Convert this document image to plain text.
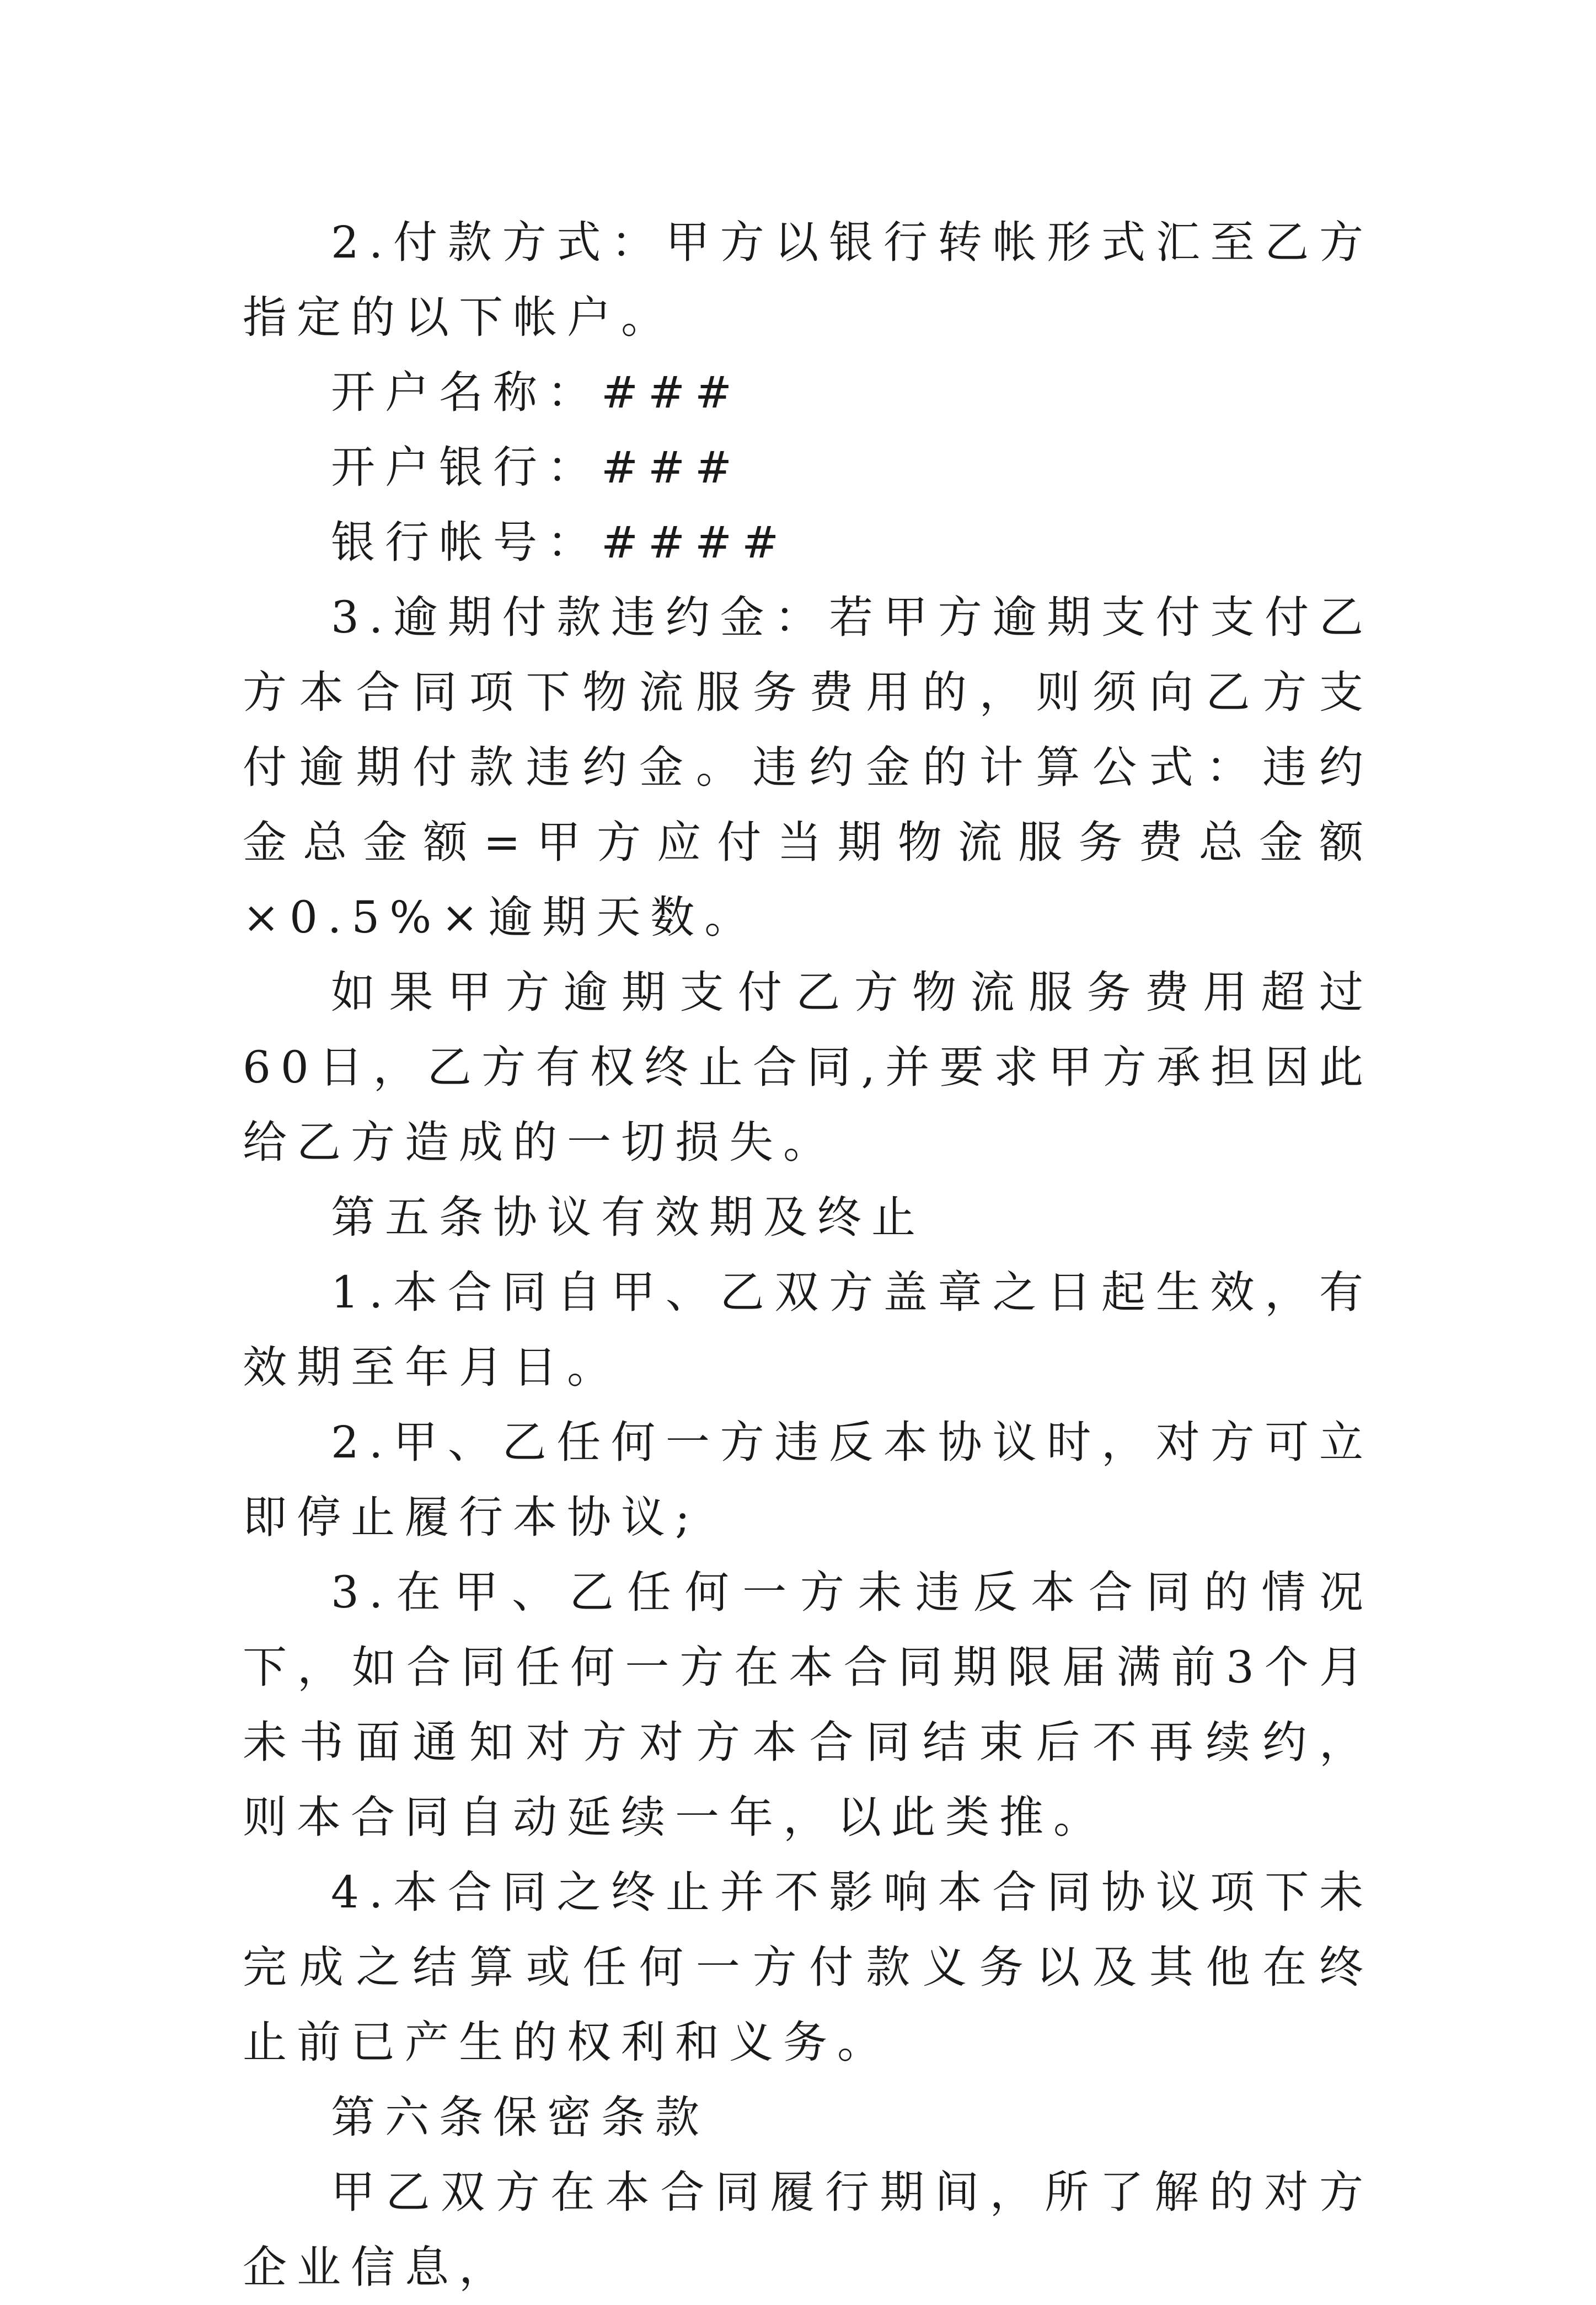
2.付款方式：甲方以银行转帐形式汇至乙方指定的以下帐户。

开户名称：###

开户银行：###

银行帐号：####

3.逾期付款违约金：若甲方逾期支付支付乙方本合同项下物流服务费用的，则须向乙方支付逾期付款违约金。违约金的计算公式：违约金总金额=甲方应付当期物流服务费总金额×0.5%×逾期天数。

如果甲方逾期支付乙方物流服务费用超过60日，乙方有权终止合同,并要求甲方承担因此给乙方造成的一切损失。

第五条协议有效期及终止

1.本合同自甲、乙双方盖章之日起生效，有效期至年月日。

2.甲、乙任何一方违反本协议时，对方可立即停止履行本协议;

3.在甲、乙任何一方未违反本合同的情况下，如合同任何一方在本合同期限届满前3个月未书面通知对方对方本合同结束后不再续约，则本合同自动延续一年，以此类推。

4.本合同之终止并不影响本合同协议项下未完成之结算或任何一方付款义务以及其他在终止前已产生的权利和义务。

第六条保密条款

甲乙双方在本合同履行期间，所了解的对方企业信息，
